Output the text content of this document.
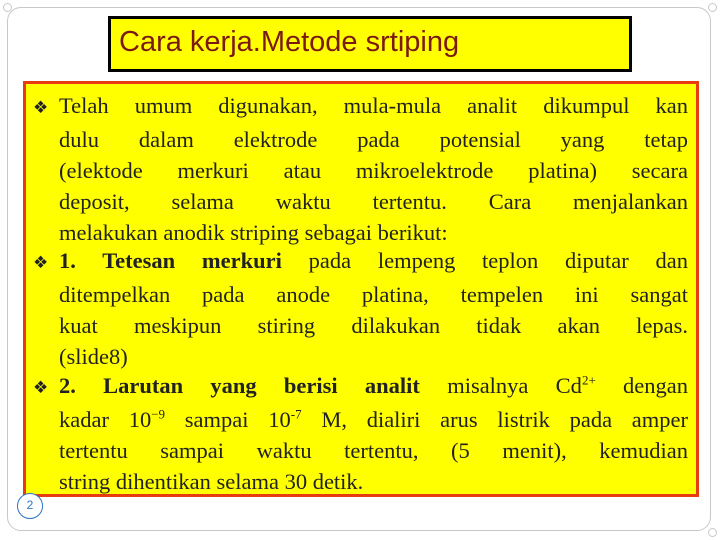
Cara kerja.Metode srtiping
❖ Telah umum digunakan, mula-mula analit dikumpul kan
dulu dalam elektrode pada potensial yang tetap
(elektode merkuri atau mikroelektrode platina) secara
deposit, selama waktu tertentu. Cara menjalankan
melakukan anodik striping sebagai berikut:
❖ 1. Tetesan merkuri pada lempeng teplon diputar dan
ditempelkan pada anode platina, tempelen ini sangat
kuat meskipun stiring dilakukan tidak akan lepas.
(slide8)
❖ 2. Larutan yang berisi analit misalnya $Cd^{2+}$ dengan
kadar $10^{-9}$ sampai $10^{-7}$ M, dialiri arus listrik pada amper
tertentu sampai waktu tertentu, (5 menit), kemudian
string dihentikan selama 30 detik.
2
